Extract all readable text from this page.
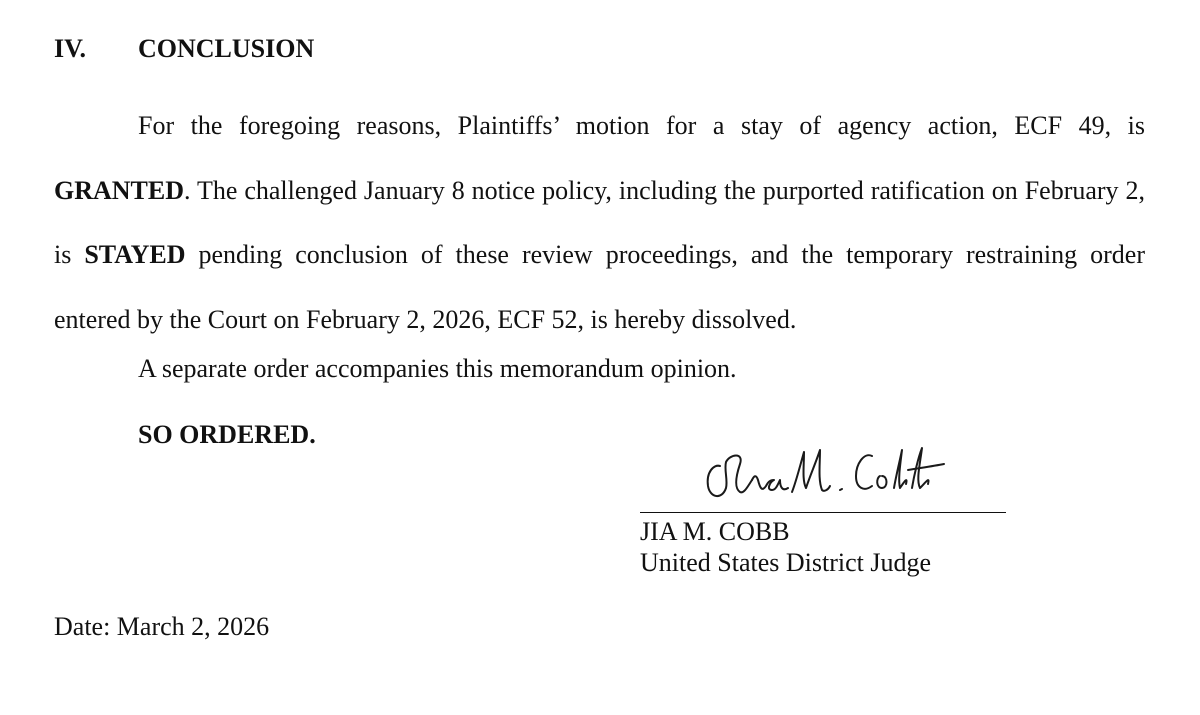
IV. CONCLUSION
For the foregoing reasons, Plaintiffs’ motion for a stay of agency action, ECF 49, is GRANTED. The challenged January 8 notice policy, including the purported ratification on February 2, is STAYED pending conclusion of these review proceedings, and the temporary restraining order entered by the Court on February 2, 2026, ECF 52, is hereby dissolved.
A separate order accompanies this memorandum opinion.
SO ORDERED.
JIA M. COBB
United States District Judge
Date: March 2, 2026
